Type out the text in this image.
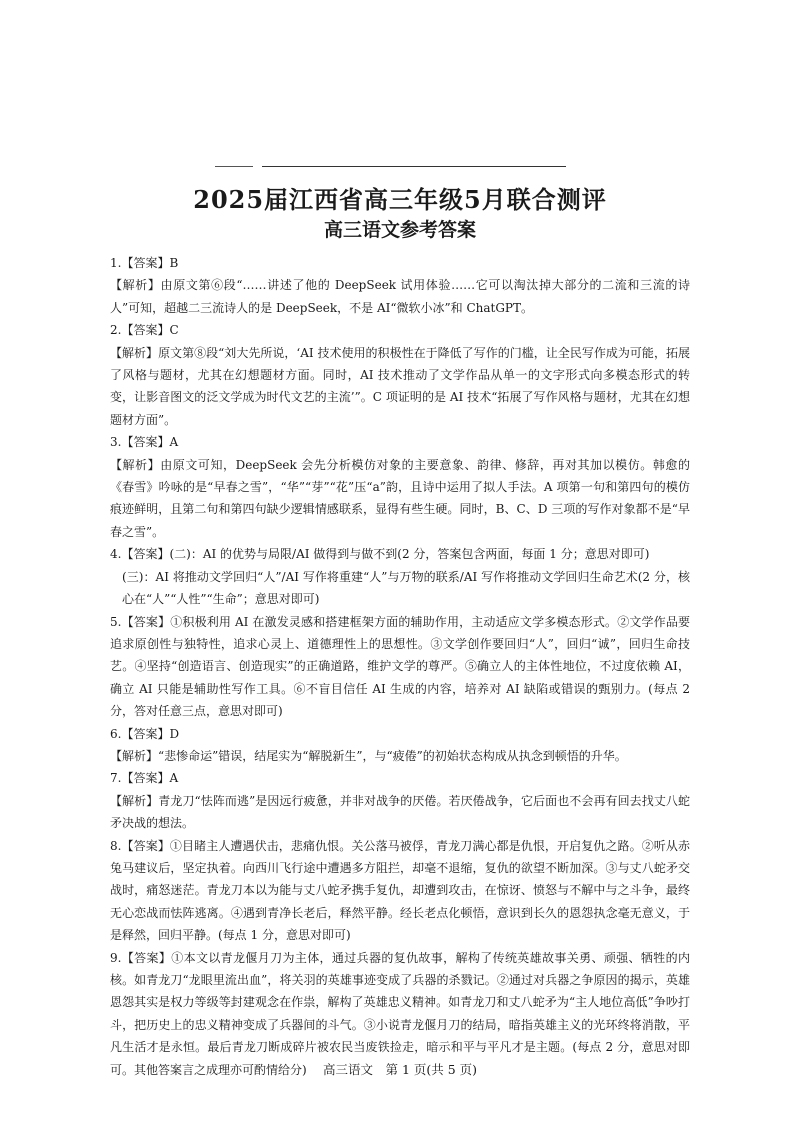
2025届江西省高三年级5月联合测评
高三语文参考答案

1.【答案】B

【解析】由原文第⑥段“……讲述了他的 DeepSeek 试用体验……它可以淘汰掉大部分的二流和三流的诗人”可知，超越二三流诗人的是 DeepSeek，不是 AI“微软小冰”和 ChatGPT。

2.【答案】C

【解析】原文第⑧段“刘大先所说，‘AI 技术使用的积极性在于降低了写作的门槛，让全民写作成为可能，拓展了风格与题材，尤其在幻想题材方面。同时，AI 技术推动了文学作品从单一的文字形式向多模态形式的转变，让影音图文的泛文学成为时代文艺的主流’”。C 项证明的是 AI 技术“拓展了写作风格与题材，尤其在幻想题材方面”。

3.【答案】A

【解析】由原文可知，DeepSeek 会先分析模仿对象的主要意象、韵律、修辞，再对其加以模仿。韩愈的《春雪》吟咏的是“早春之雪”，“华”“芽”“花”压“a”韵，且诗中运用了拟人手法。A 项第一句和第四句的模仿痕迹鲜明，且第二句和第四句缺少逻辑情感联系，显得有些生硬。同时，B、C、D 三项的写作对象都不是“早春之雪”。

4.【答案】(二)：AI 的优势与局限/AI 做得到与做不到(2 分，答案包含两面，每面 1 分；意思对即可)

(三)：AI 将推动文学回归“人”/AI 写作将重建“人”与万物的联系/AI 写作将推动文学回归生命艺术(2 分，核心在“人”“人性”“生命”；意思对即可)

5.【答案】①积极利用 AI 在激发灵感和搭建框架方面的辅助作用，主动适应文学多模态形式。②文学作品要追求原创性与独特性，追求心灵上、道德理性上的思想性。③文学创作要回归“人”，回归“诚”，回归生命技艺。④坚持“创造语言、创造现实”的正确道路，维护文学的尊严。⑤确立人的主体性地位，不过度依赖 AI，确立 AI 只能是辅助性写作工具。⑥不盲目信任 AI 生成的内容，培养对 AI 缺陷或错误的甄别力。(每点 2 分，答对任意三点，意思对即可)

6.【答案】D

【解析】“悲惨命运”错误，结尾实为“解脱新生”，与“疲倦”的初始状态构成从执念到顿悟的升华。

7.【答案】A

【解析】青龙刀“怯阵而逃”是因远行疲惫，并非对战争的厌倦。若厌倦战争，它后面也不会再有回去找丈八蛇矛决战的想法。

8.【答案】①目睹主人遭遇伏击，悲痛仇恨。关公落马被俘，青龙刀满心都是仇恨，开启复仇之路。②听从赤兔马建议后，坚定执着。向西川飞行途中遭遇多方阻拦，却毫不退缩，复仇的欲望不断加深。③与丈八蛇矛交战时，痛怒迷茫。青龙刀本以为能与丈八蛇矛携手复仇，却遭到攻击，在惊讶、愤怒与不解中与之斗争，最终无心恋战而怯阵逃离。④遇到青净长老后，释然平静。经长老点化顿悟，意识到长久的恩怨执念毫无意义，于是释然，回归平静。(每点 1 分，意思对即可)

9.【答案】①本文以青龙偃月刀为主体，通过兵器的复仇故事，解构了传统英雄故事关勇、顽强、牺牲的内核。如青龙刀“龙眼里流出血”，将关羽的英雄事迹变成了兵器的杀戮记。②通过对兵器之争原因的揭示，英雄恩怨其实是权力等级等封建观念在作祟，解构了英雄忠义精神。如青龙刀和丈八蛇矛为“主人地位高低”争吵打斗，把历史上的忠义精神变成了兵器间的斗气。③小说青龙偃月刀的结局，暗指英雄主义的光环终将消散，平凡生活才是永恒。最后青龙刀断成碎片被农民当废铁捡走，暗示和平与平凡才是主题。(每点 2 分，意思对即可。其他答案言之成理亦可酌情给分)	高三语文　第 1 页(共 5 页)
